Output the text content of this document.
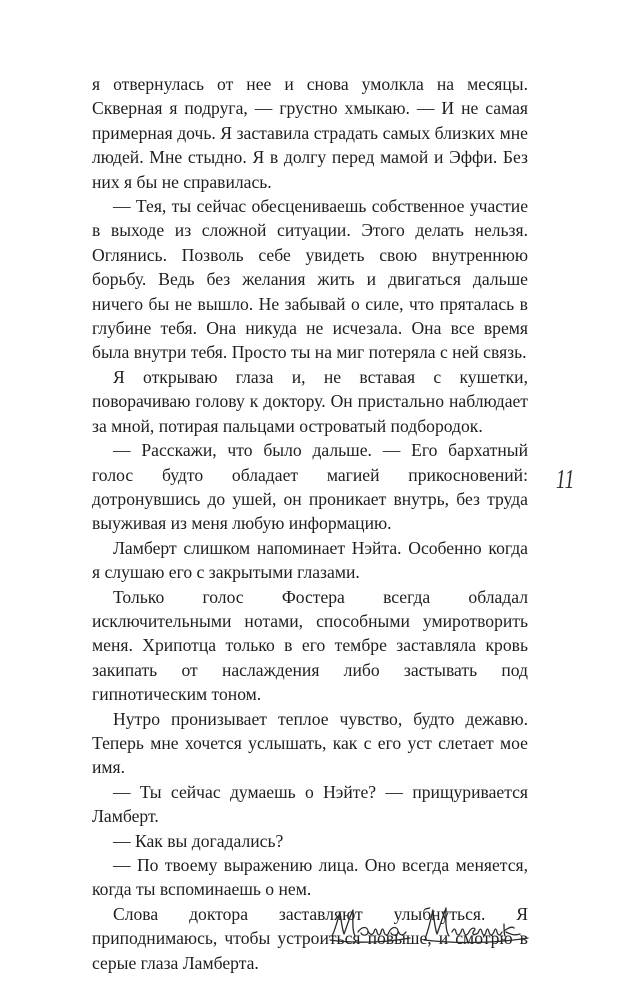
я отвернулась от нее и снова умолкла на месяцы. Скверная я подруга, — грустно хмыкаю. — И не самая примерная дочь. Я заставила страдать самых близких мне людей. Мне стыдно. Я в долгу перед мамой и Эффи. Без них я бы не справилась.

— Тея, ты сейчас обесцениваешь собственное участие в выходе из сложной ситуации. Этого делать нельзя. Оглянись. Позволь себе увидеть свою внутреннюю борьбу. Ведь без желания жить и двигаться дальше ничего бы не вышло. Не забывай о силе, что пряталась в глубине тебя. Она никуда не исчезала. Она все время была внутри тебя. Просто ты на миг потеряла с ней связь.

Я открываю глаза и, не вставая с кушетки, поворачиваю голову к доктору. Он пристально наблюдает за мной, потирая пальцами островатый подбородок.

— Расскажи, что было дальше. — Его бархатный голос будто обладает магией прикосновений: дотронувшись до ушей, он проникает внутрь, без труда выуживая из меня любую информацию.

Ламберт слишком напоминает Нэйта. Особенно когда я слушаю его с закрытыми глазами.

Только голос Фостера всегда обладал исключительными нотами, способными умиротворить меня. Хрипотца только в его тембре заставляла кровь закипать от наслаждения либо застывать под гипнотическим тоном.

Нутро пронизывает теплое чувство, будто дежавю. Теперь мне хочется услышать, как с его уст слетает мое имя.

— Ты сейчас думаешь о Нэйте? — прищуривается Ламберт.

— Как вы догадались?

— По твоему выражению лица. Оно всегда меняется, когда ты вспоминаешь о нем.

Слова доктора заставляют улыбнуться. Я приподнимаюсь, чтобы устроиться повыше, и смотрю в серые глаза Ламберта.

11
